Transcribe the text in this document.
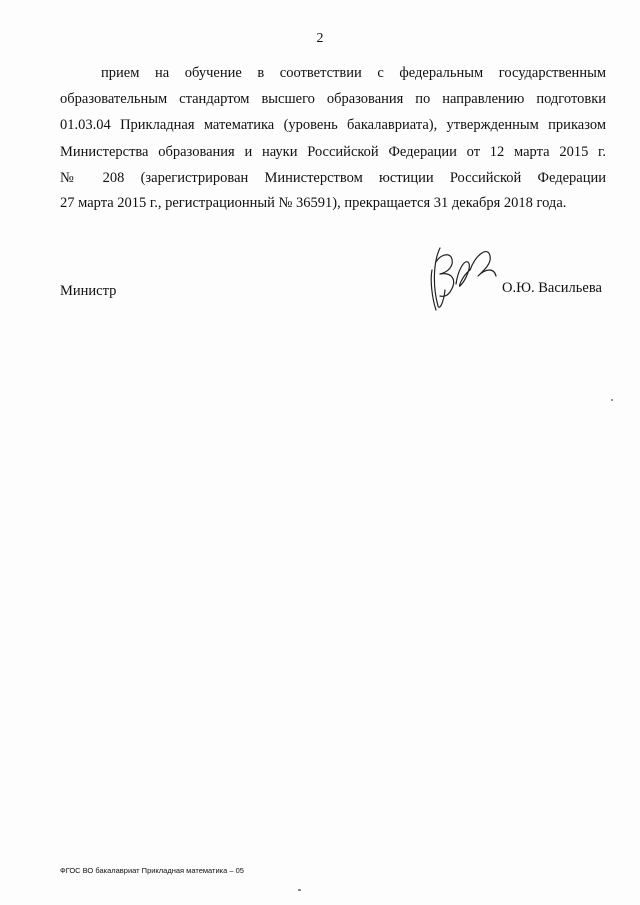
2
прием на обучение в соответствии с федеральным государственным
образовательным стандартом высшего образования по направлению подготовки
01.03.04 Прикладная математика (уровень бакалавриата), утвержденным приказом
Министерства образования и науки Российской Федерации от 12 марта 2015 г.
№ 208 (зарегистрирован Министерством юстиции Российской Федерации
27 марта 2015 г., регистрационный № 36591), прекращается 31 декабря 2018 года.
Министр	О.Ю. Васильева
ФГОС ВО бакалавриат Прикладная математика – 05
